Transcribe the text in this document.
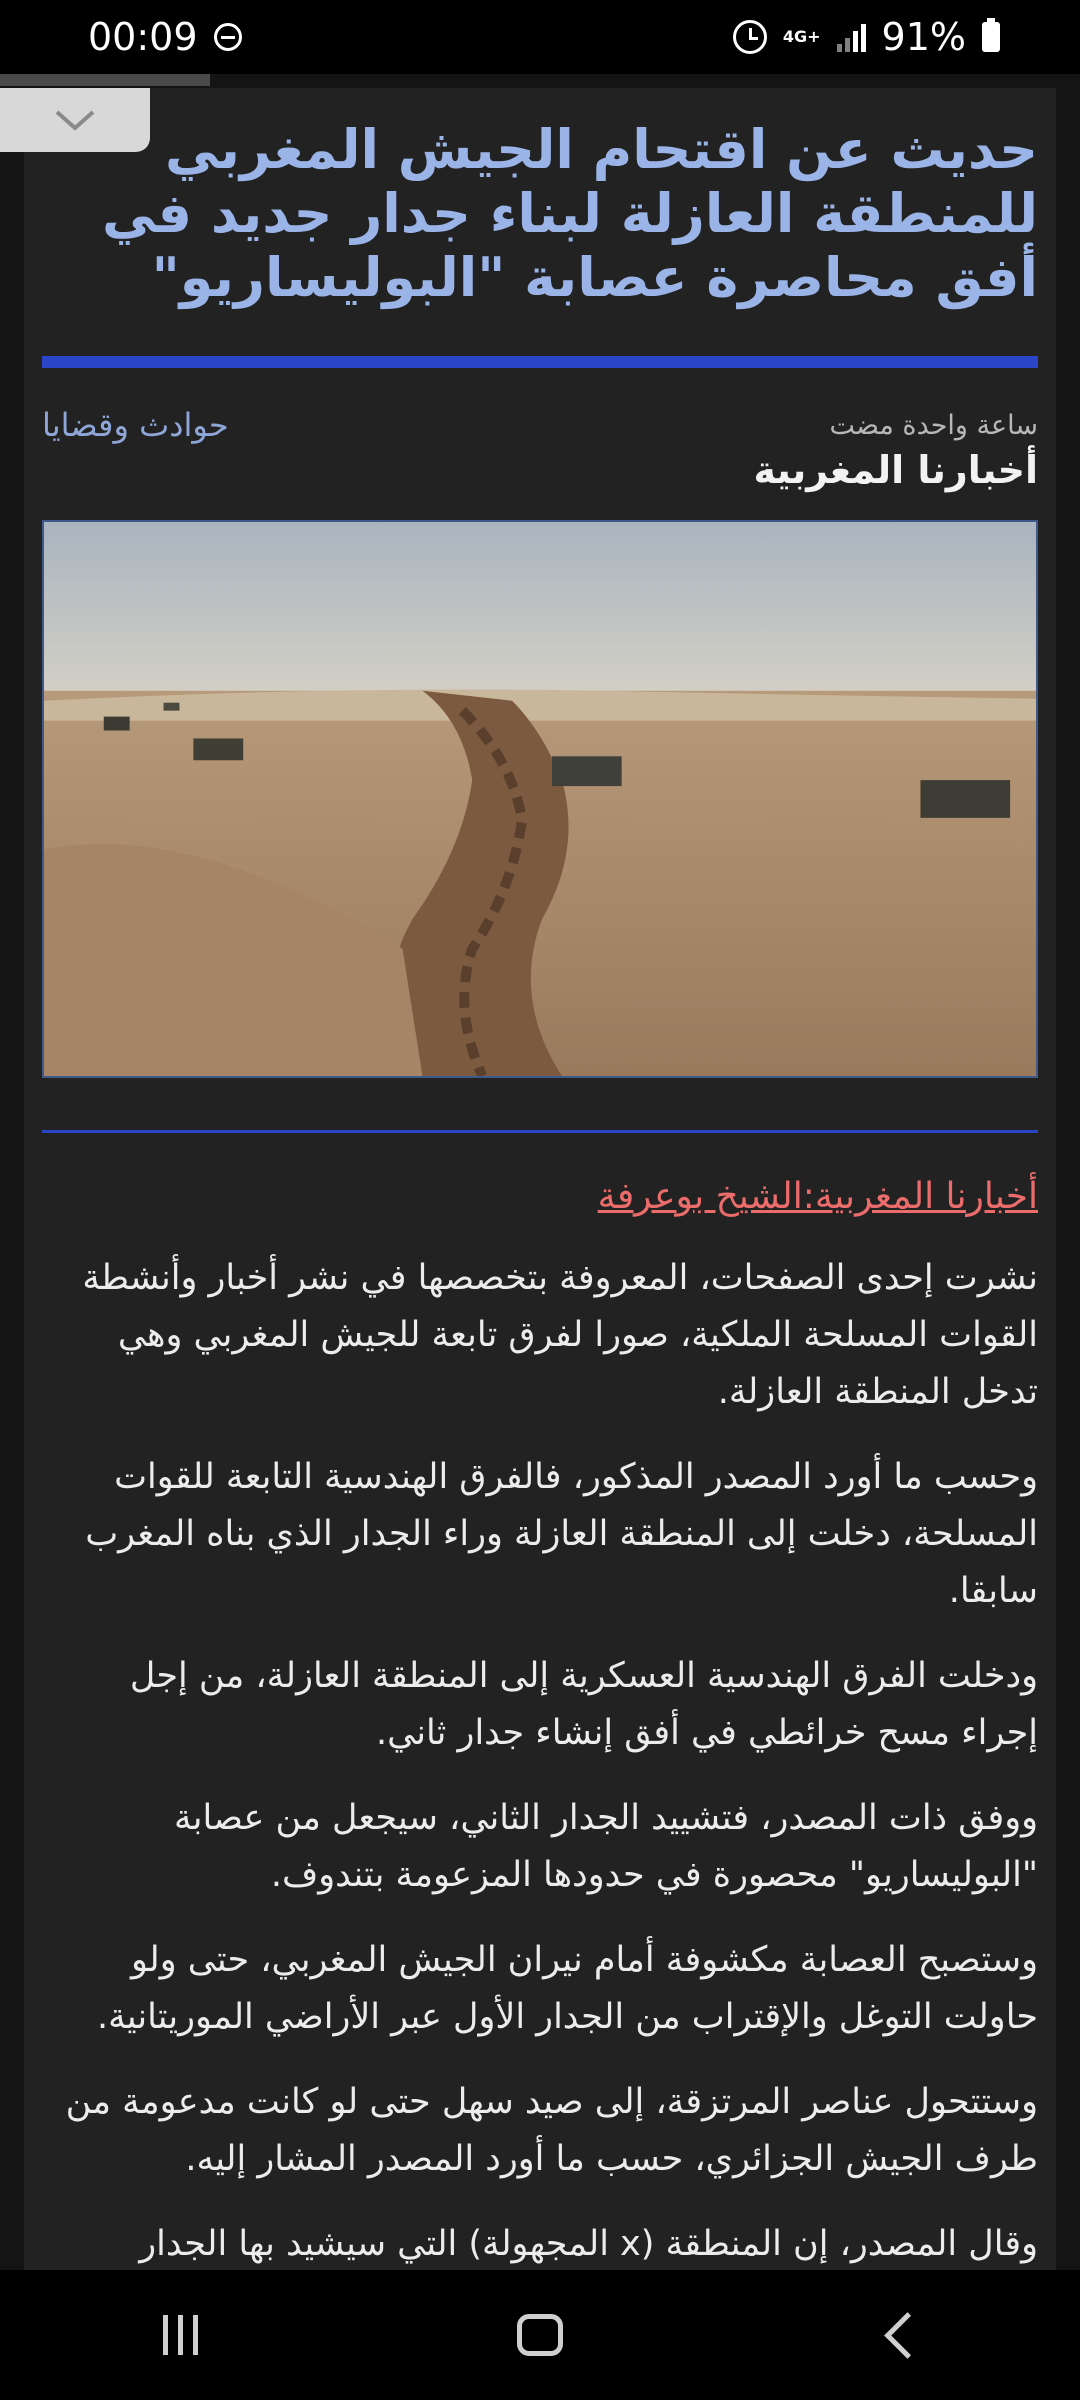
00:09	4G+ 91%
حديث عن اقتحام الجيش المغربي للمنطقة العازلة لبناء جدار جديد في أفق محاصرة عصابة "البوليساريو"
ساعة واحدة مضت
حوادث وقضايا
أخبارنا المغربية
أخبارنا المغربية:الشيخ بوعرفة

نشرت إحدى الصفحات، المعروفة بتخصصها في نشر أخبار وأنشطة القوات المسلحة الملكية، صورا لفرق تابعة للجيش المغربي وهي تدخل المنطقة العازلة.

وحسب ما أورد المصدر المذكور، فالفرق الهندسية التابعة للقوات المسلحة، دخلت إلى المنطقة العازلة وراء الجدار الذي بناه المغرب سابقا.

ودخلت الفرق الهندسية العسكرية إلى المنطقة العازلة، من إجل إجراء مسح خرائطي في أفق إنشاء جدار ثاني.

ووفق ذات المصدر، فتشييد الجدار الثاني، سيجعل من عصابة "البوليساريو" محصورة في حدودها المزعومة بتندوف.

وستصبح العصابة مكشوفة أمام نيران الجيش المغربي، حتى ولو حاولت التوغل والإقتراب من الجدار الأول عبر الأراضي الموريتانية.

وستتحول عناصر المرتزقة، إلى صيد سهل حتى لو كانت مدعومة من طرف الجيش الجزائري، حسب ما أورد المصدر المشار إليه.

وقال المصدر، إن المنطقة (x المجهولة) التي سيشيد بها الجدار
